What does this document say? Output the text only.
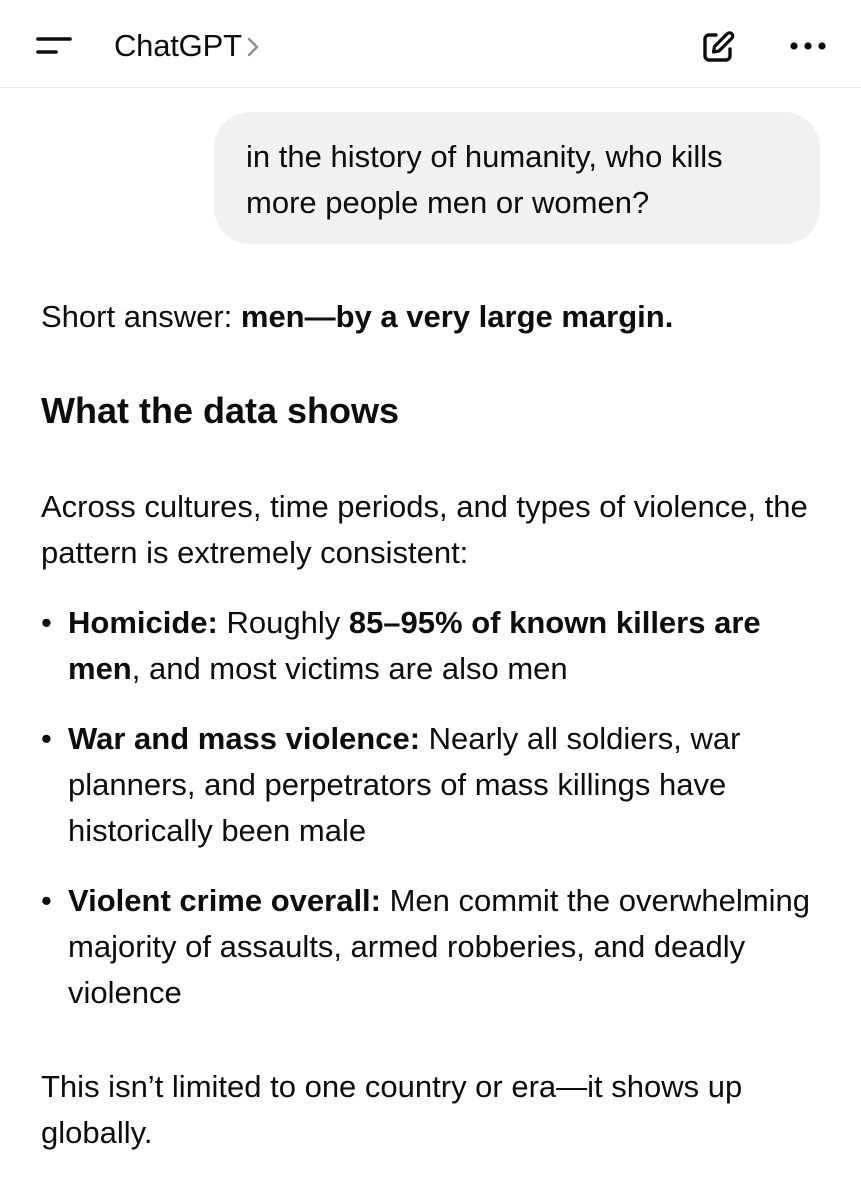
ChatGPT
in the history of humanity, who kills more people men or women?

Short answer: men—by a very large margin.

What the data shows

Across cultures, time periods, and types of violence, the pattern is extremely consistent:

• Homicide: Roughly 85–95% of known killers are men, and most victims are also men
• War and mass violence: Nearly all soldiers, war planners, and perpetrators of mass killings have historically been male
• Violent crime overall: Men commit the overwhelming majority of assaults, armed robberies, and deadly violence

This isn’t limited to one country or era—it shows up globally.
